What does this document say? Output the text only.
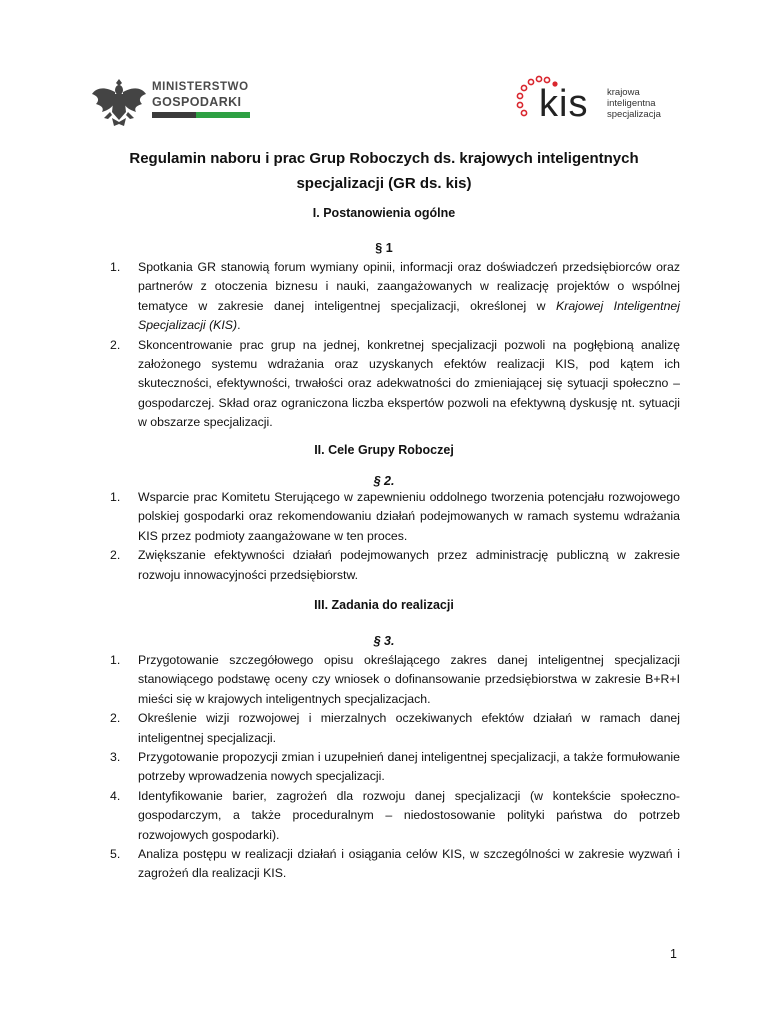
MINISTERSTWO
GOSPODARKI	kis krajowa
inteligentna
specjalizacja
Regulamin naboru i prac Grup Roboczych ds. krajowych inteligentnych
specjalizacji (GR ds. kis)
I. Postanowienia ogólne
§ 1
1. Spotkania GR stanowią forum wymiany opinii, informacji oraz doświadczeń przedsiębiorców oraz partnerów z otoczenia biznesu i nauki, zaangażowanych w realizację projektów o wspólnej tematyce w zakresie danej inteligentnej specjalizacji, określonej w Krajowej Inteligentnej Specjalizacji (KIS).
2. Skoncentrowanie prac grup na jednej, konkretnej specjalizacji pozwoli na pogłębioną analizę założonego systemu wdrażania oraz uzyskanych efektów realizacji KIS, pod kątem ich skuteczności, efektywności, trwałości oraz adekwatności do zmieniającej się sytuacji społeczno – gospodarczej. Skład oraz ograniczona liczba ekspertów pozwoli na efektywną dyskusję nt. sytuacji w obszarze specjalizacji.
II. Cele Grupy Roboczej
§ 2.
1. Wsparcie prac Komitetu Sterującego w zapewnieniu oddolnego tworzenia potencjału rozwojowego polskiej gospodarki oraz rekomendowaniu działań podejmowanych w ramach systemu wdrażania KIS przez podmioty zaangażowane w ten proces.
2. Zwiększanie efektywności działań podejmowanych przez administrację publiczną w zakresie rozwoju innowacyjności przedsiębiorstw.
III. Zadania do realizacji
§ 3.
1. Przygotowanie szczegółowego opisu określającego zakres danej inteligentnej specjalizacji stanowiącego podstawę oceny czy wniosek o dofinansowanie przedsiębiorstwa w zakresie B+R+I mieści się w krajowych inteligentnych specjalizacjach.
2. Określenie wizji rozwojowej i mierzalnych oczekiwanych efektów działań w ramach danej inteligentnej specjalizacji.
3. Przygotowanie propozycji zmian i uzupełnień danej inteligentnej specjalizacji, a także formułowanie potrzeby wprowadzenia nowych specjalizacji.
4. Identyfikowanie barier, zagrożeń dla rozwoju danej specjalizacji (w kontekście społeczno-gospodarczym, a także proceduralnym – niedostosowanie polityki państwa do potrzeb rozwojowych gospodarki).
5. Analiza postępu w realizacji działań i osiągania celów KIS, w szczególności w zakresie wyzwań i zagrożeń dla realizacji KIS.
1
